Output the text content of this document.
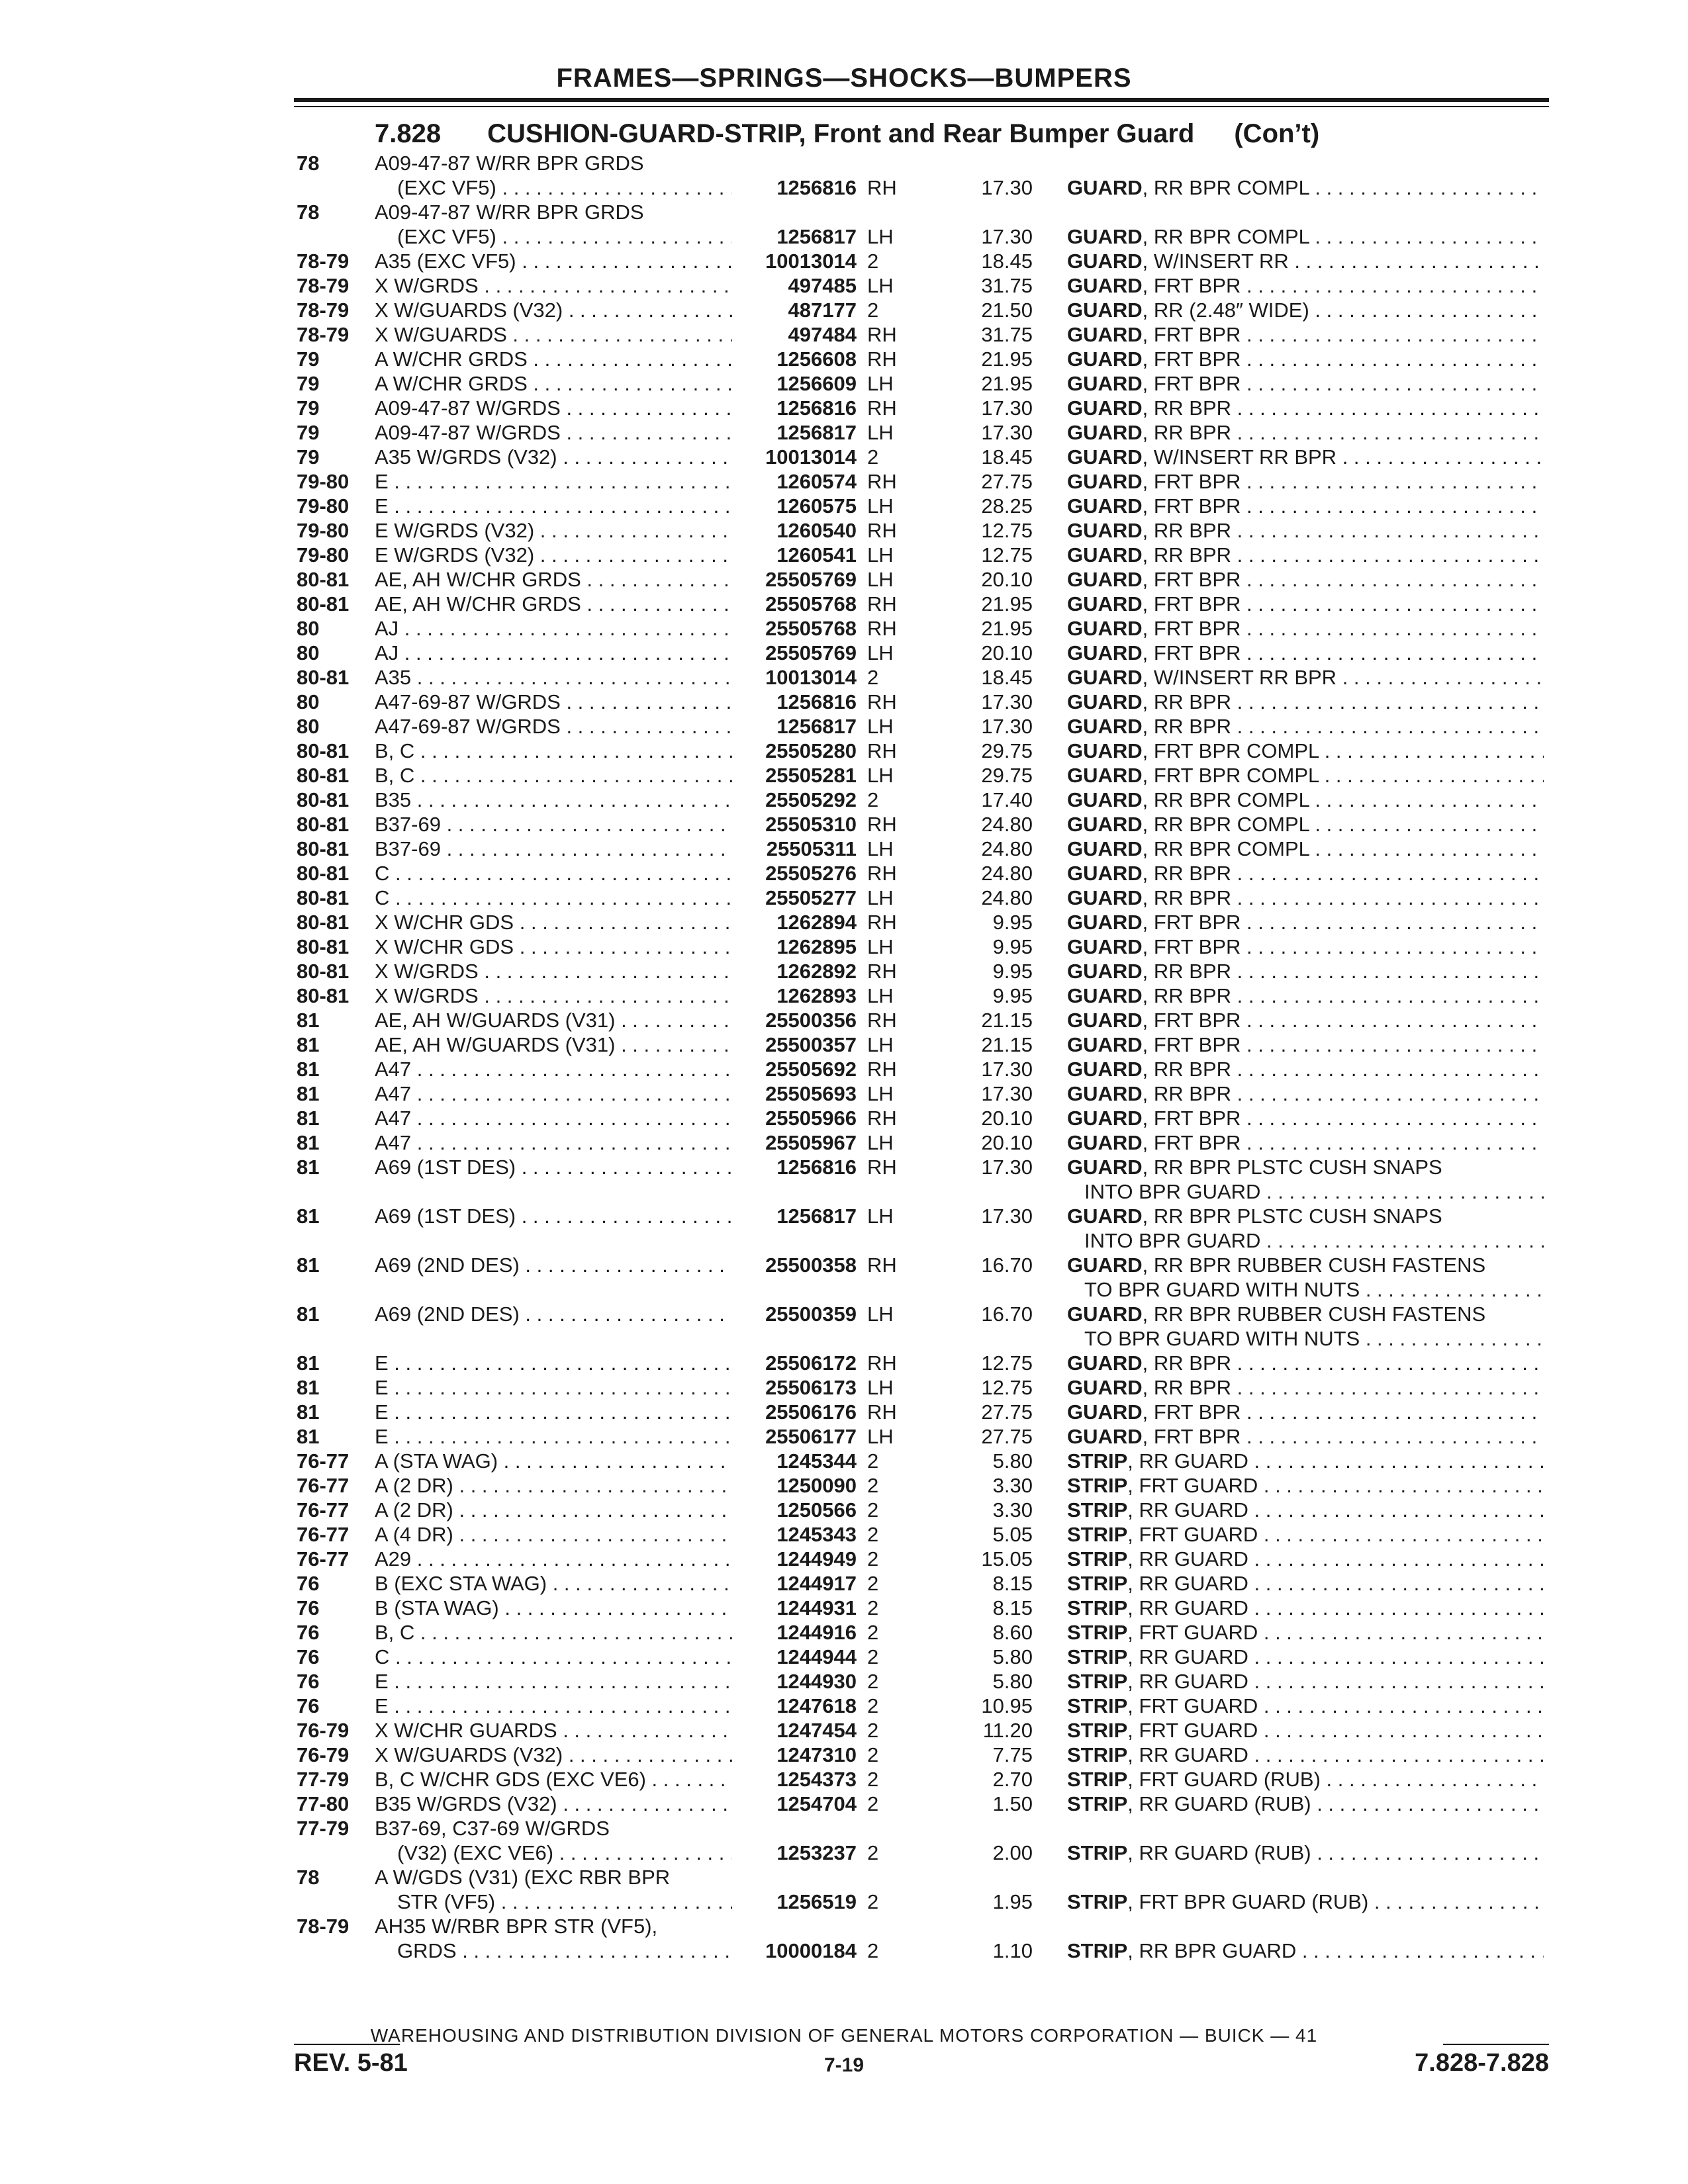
FRAMES—SPRINGS—SHOCKS—BUMPERS
7.828 CUSHION-GUARD-STRIP, Front and Rear Bumper Guard (Con’t)
78	A09-47-87 W/RR BPR GRDS
(EXC VF5) . . .	1256816 RH	17.30 GUARD, RR BPR COMPL . . .
78	A09-47-87 W/RR BPR GRDS
(EXC VF5) . . .	1256817 LH	17.30 GUARD, RR BPR COMPL . . .
78-79	A35 (EXC VF5) . . .	10013014 2	18.45 GUARD, W/INSERT RR . . .
78-79	X W/GRDS . . .	497485 LH	31.75 GUARD, FRT BPR . . .
78-79	X W/GUARDS (V32) . . .	487177 2	21.50 GUARD, RR (2.48″ WIDE) . . .
78-79	X W/GUARDS . . .	497484 RH	31.75 GUARD, FRT BPR . . .
79	A W/CHR GRDS . . .	1256608 RH	21.95 GUARD, FRT BPR . . .
79	A W/CHR GRDS . . .	1256609 LH	21.95 GUARD, FRT BPR . . .
79	A09-47-87 W/GRDS . . .	1256816 RH	17.30 GUARD, RR BPR . . .
79	A09-47-87 W/GRDS . . .	1256817 LH	17.30 GUARD, RR BPR . . .
79	A35 W/GRDS (V32) . . .	10013014 2	18.45 GUARD, W/INSERT RR BPR . . .
79-80	E . . .	1260574 RH	27.75 GUARD, FRT BPR . . .
79-80	E . . .	1260575 LH	28.25 GUARD, FRT BPR . . .
79-80	E W/GRDS (V32) . . .	1260540 RH	12.75 GUARD, RR BPR . . .
79-80	E W/GRDS (V32) . . .	1260541 LH	12.75 GUARD, RR BPR . . .
80-81	AE, AH W/CHR GRDS . . .	25505769 LH	20.10 GUARD, FRT BPR . . .
80-81	AE, AH W/CHR GRDS . . .	25505768 RH	21.95 GUARD, FRT BPR . . .
80	AJ . . .	25505768 RH	21.95 GUARD, FRT BPR . . .
80	AJ . . .	25505769 LH	20.10 GUARD, FRT BPR . . .
80-81	A35 . . .	10013014 2	18.45 GUARD, W/INSERT RR BPR . . .
80	A47-69-87 W/GRDS . . .	1256816 RH	17.30 GUARD, RR BPR . . .
80	A47-69-87 W/GRDS . . .	1256817 LH	17.30 GUARD, RR BPR . . .
80-81	B, C . . .	25505280 RH	29.75 GUARD, FRT BPR COMPL . . .
80-81	B, C . . .	25505281 LH	29.75 GUARD, FRT BPR COMPL . . .
80-81	B35 . . .	25505292 2	17.40 GUARD, RR BPR COMPL . . .
80-81	B37-69 . . .	25505310 RH	24.80 GUARD, RR BPR COMPL . . .
80-81	B37-69 . . .	25505311 LH	24.80 GUARD, RR BPR COMPL . . .
80-81	C . . .	25505276 RH	24.80 GUARD, RR BPR . . .
80-81	C . . .	25505277 LH	24.80 GUARD, RR BPR . . .
80-81	X W/CHR GDS . . .	1262894 RH	9.95 GUARD, FRT BPR . . .
80-81	X W/CHR GDS . . .	1262895 LH	9.95 GUARD, FRT BPR . . .
80-81	X W/GRDS . . .	1262892 RH	9.95 GUARD, RR BPR . . .
80-81	X W/GRDS . . .	1262893 LH	9.95 GUARD, RR BPR . . .
81	AE, AH W/GUARDS (V31) . . .	25500356 RH	21.15 GUARD, FRT BPR . . .
81	AE, AH W/GUARDS (V31) . . .	25500357 LH	21.15 GUARD, FRT BPR . . .
81	A47 . . .	25505692 RH	17.30 GUARD, RR BPR . . .
81	A47 . . .	25505693 LH	17.30 GUARD, RR BPR . . .
81	A47 . . .	25505966 RH	20.10 GUARD, FRT BPR . . .
81	A47 . . .	25505967 LH	20.10 GUARD, FRT BPR . . .
81	A69 (1ST DES) . . .	1256816 RH	17.30 GUARD, RR BPR PLSTC CUSH SNAPS
INTO BPR GUARD . . .
81	A69 (1ST DES) . . .	1256817 LH	17.30 GUARD, RR BPR PLSTC CUSH SNAPS
INTO BPR GUARD . . .
81	A69 (2ND DES) . . .	25500358 RH	16.70 GUARD, RR BPR RUBBER CUSH FASTENS
TO BPR GUARD WITH NUTS . . .
81	A69 (2ND DES) . . .	25500359 LH	16.70 GUARD, RR BPR RUBBER CUSH FASTENS
TO BPR GUARD WITH NUTS . . .
81	E . . .	25506172 RH	12.75 GUARD, RR BPR . . .
81	E . . .	25506173 LH	12.75 GUARD, RR BPR . . .
81	E . . .	25506176 RH	27.75 GUARD, FRT BPR . . .
81	E . . .	25506177 LH	27.75 GUARD, FRT BPR . . .
76-77	A (STA WAG) . . .	1245344 2	5.80 STRIP, RR GUARD . . .
76-77	A (2 DR) . . .	1250090 2	3.30 STRIP, FRT GUARD . . .
76-77	A (2 DR) . . .	1250566 2	3.30 STRIP, RR GUARD . . .
76-77	A (4 DR) . . .	1245343 2	5.05 STRIP, FRT GUARD . . .
76-77	A29 . . .	1244949 2	15.05 STRIP, RR GUARD . . .
76	B (EXC STA WAG) . . .	1244917 2	8.15 STRIP, RR GUARD . . .
76	B (STA WAG) . . .	1244931 2	8.15 STRIP, RR GUARD . . .
76	B, C . . .	1244916 2	8.60 STRIP, FRT GUARD . . .
76	C . . .	1244944 2	5.80 STRIP, RR GUARD . . .
76	E . . .	1244930 2	5.80 STRIP, RR GUARD . . .
76	E . . .	1247618 2	10.95 STRIP, FRT GUARD . . .
76-79	X W/CHR GUARDS . . .	1247454 2	11.20 STRIP, FRT GUARD . . .
76-79	X W/GUARDS (V32) . . .	1247310 2	7.75 STRIP, RR GUARD . . .
77-79	B, C W/CHR GDS (EXC VE6) . . .	1254373 2	2.70 STRIP, FRT GUARD (RUB) . . .
77-80	B35 W/GRDS (V32) . . .	1254704 2	1.50 STRIP, RR GUARD (RUB) . . .
77-79	B37-69, C37-69 W/GRDS
(V32) (EXC VE6) . . .	1253237 2	2.00 STRIP, RR GUARD (RUB) . . .
78	A W/GDS (V31) (EXC RBR BPR
STR (VF5) . . .	1256519 2	1.95 STRIP, FRT BPR GUARD (RUB) . . .
78-79	AH35 W/RBR BPR STR (VF5),
GRDS . . .	10000184 2	1.10 STRIP, RR BPR GUARD . . .
WAREHOUSING AND DISTRIBUTION DIVISION OF GENERAL MOTORS CORPORATION — BUICK — 41
REV. 5-81	7-19	7.828-7.828
